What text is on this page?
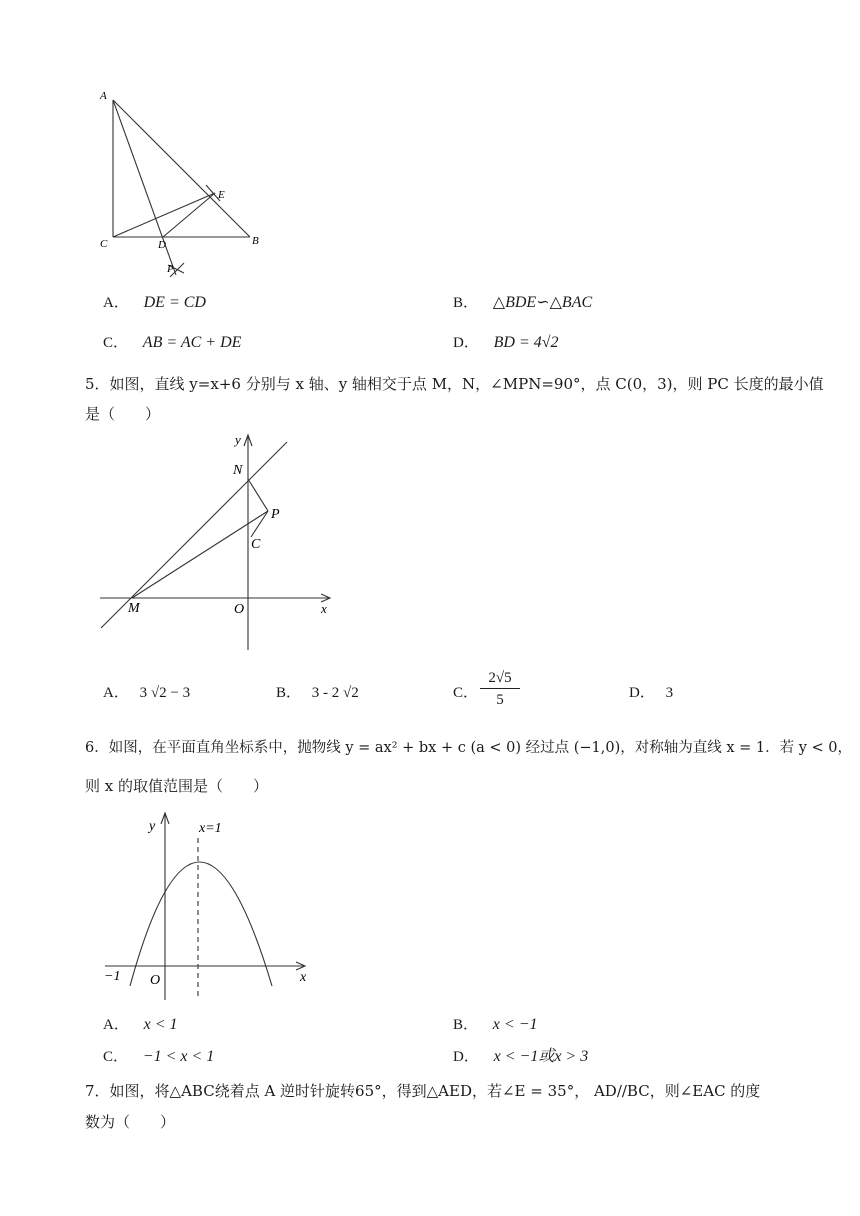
A
E
C	D	B
P
A． DE = CD	B． △BDE∽△BAC
C． AB = AC + DE	D． BD = 4√2
5．如图，直线 y=x+6 分别与 x 轴、y 轴相交于点 M，N，∠MPN=90°，点 C(0，3)，则 PC 长度的最小值
是（　　）
y
N
P
C
M	O	x
A． 3 √2 − 3	B． 3 - 2 √2	C． $\frac{2√5}{5}$	D． 3
6．如图，在平面直角坐标系中，抛物线 y = ax² + bx + c (a < 0) 经过点 (−1,0)，对称轴为直线 x = 1．若 y < 0，
则 x 的取值范围是（　　）
y	x=1
−1 O	x
A． x < 1	B． x < −1
C． −1 < x < 1	D． x < −1或x > 3
7．如图，将△ABC绕着点 A 逆时针旋转65°，得到△AED，若∠E = 35°， AD//BC，则∠EAC 的度
数为（　　）
